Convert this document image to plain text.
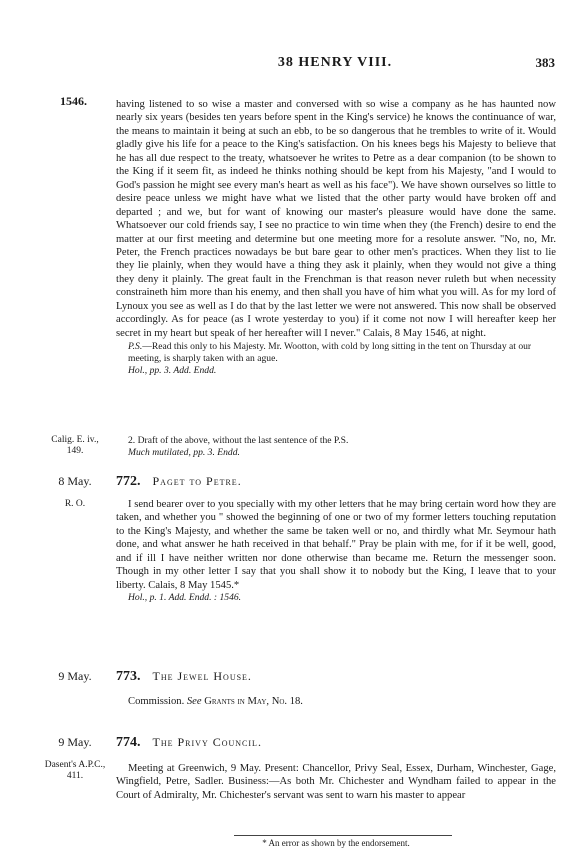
38 HENRY VIII.	383
1546.	having listened to so wise a master and conversed with so wise a company as he has haunted now nearly six years (besides ten years before spent in the King's service) he knows the continuance of war, the means to maintain it being at such an ebb, to be so dangerous that he trembles to write of it. Would gladly give his life for a peace to the King's satisfaction. On his knees begs his Majesty to believe that he has all due respect to the treaty, whatsoever he writes to Petre as a dear companion (to be shown to the King if it seem fit, as indeed he thinks nothing should be kept from his Majesty, "and I would to God's passion he might see every man's heart as well as his face"). We have shown ourselves so little to desire peace unless we might have what we listed that the other party would have broken off and departed ; and we, but for want of knowing our master's pleasure would have done the same. Whatsoever our cold friends say, I see no practice to win time when they (the French) desire to end the matter at our first meeting and determine but one meeting more for a resolute answer. "No, no, Mr. Peter, the French practices nowadays be but bare gear to other men's practices. When they list to lie they lie plainly, when they would have a thing they ask it plainly, when they would not give a thing they deny it plainly. The great fault in the Frenchman is that reason never ruleth but when necessity constraineth him more than his enemy, and then shall you have of him what you will. As for my lord of Lynoux you see as well as I do that by the last letter we were not answered. This now shall be observed accordingly. As for peace (as I wrote yesterday to you) if it come not now I will hereafter keep her secret in my heart but speak of her hereafter will I never." Calais, 8 May 1546, at night.

P.S.—Read this only to his Majesty. Mr. Wootton, with cold by long sitting in the tent on Thursday at our meeting, is sharply taken with an ague.

Hol., pp. 3. Add. Endd.

Calig. E. iv., 149.

2. Draft of the above, without the last sentence of the P.S.

Much mutilated, pp. 3. Endd.

8 May.	772. Paget to Petre.
R. O.	I send bearer over to you specially with my other letters that he may bring certain word how they are taken, and whether you " showed the beginning of one or two of my former letters touching reputation to the King's Majesty, and whether the same be taken well or no, and thirdly what Mr. Seymour hath done, and what answer he hath received in that behalf." Pray be plain with me, for if it be well, good, and if ill I have neither written nor done otherwise than became me. Return the messenger soon. Though in my other letter I say that you shall show it to nobody but the King, I leave that to your liberty. Calais, 8 May 1545.*

Hol., p. 1. Add. Endd. : 1546.

9 May.	773. The Jewel House.

Commission. See Grants in May, No. 18.

9 May.	774. The Privy Council.
Dasent's A.P.C., 411.

Meeting at Greenwich, 9 May. Present: Chancellor, Privy Seal, Essex, Durham, Winchester, Gage, Wingfield, Petre, Sadler. Business:—As both Mr. Chichester and Wyndham failed to appear in the Court of Admiralty, Mr. Chichester's servant was sent to warn his master to appear

* An error as shown by the endorsement.
